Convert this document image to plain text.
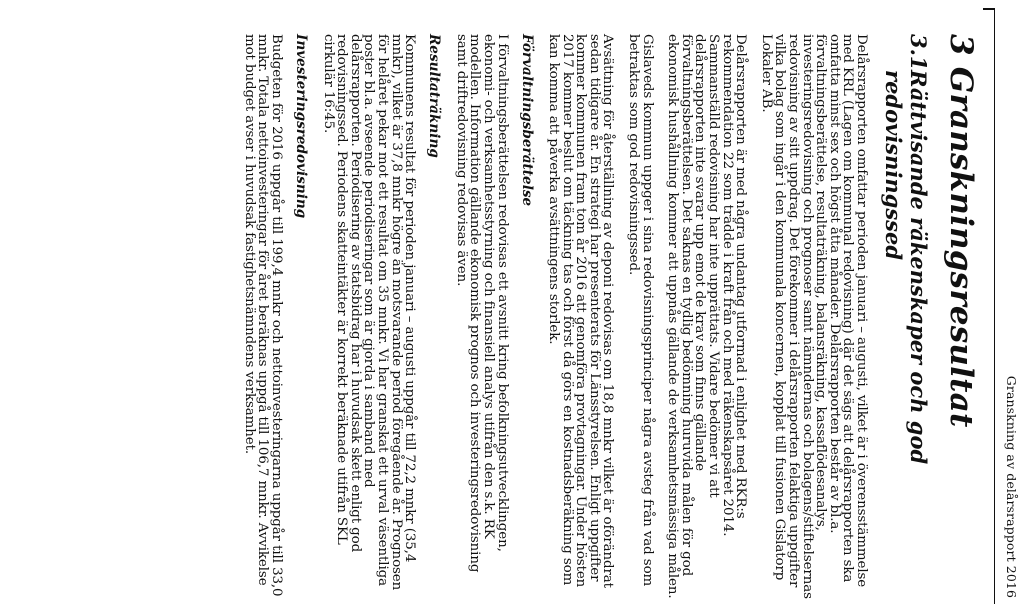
Granskning av delårsrapport 2016
3 Granskningsresultat
3.1
Rättvisande räkenskaper och god
redovisningssed

Delårsrapporten omfattar perioden januari – augusti, vilket är i överensstämmelse med KRL (Lagen om kommunal redovisning) där det sägs att delårsrapporten ska omfatta minst sex och högst åtta månader. Delårsrapporten består av bl.a. förvaltningsberättelse, resultaträkning, balansräkning, kassaflödesanalys, investeringsredovisning och prognoser samt nämndernas och bolagens/stiftelsernas redovisning av sitt uppdrag. Det förekommer i delårsrapporten felaktiga uppgifter vilka bolag som ingår i den kommunala koncernen, kopplat till fusionen Gislatorp Lokaler AB.

Delårsrapporten är med några undantag utformad i enlighet med RKR:s rekommendation 22 som trädde i kraft från och med räkenskapsåret 2014. Sammanställd redovisning har inte upprättats. Vidare bedömer vi att delårsrapporten inte svarar upp emot de krav som finns gällande förvaltningsberättelsen. Det saknas en tydlig bedömning huruvida målen för god ekonomisk hushållning kommer att uppnås gällande de verksamhetsmässiga målen.

Gislaveds kommun uppger i sina redovisningsprinciper några avsteg från vad som betraktas som god redovisningssed.

Avsättning för återställning av deponi redovisas om 18,8 mnkr vilket är oförändrat sedan tidigare år. En strategi har presenterats för Länsstyrelsen. Enligt uppgifter kommer kommunen fram tom år 2016 att genomföra provtagningar. Under hösten 2017 kommer beslut om täckning tas och först då görs en kostnadsberäkning som kan komma att påverka avsättningens storlek.

Förvaltningsberättelse

I förvaltningsberättelsen redovisas ett avsnitt kring befolkningsutvecklingen, ekonomi- och verksamhetsstyrning och finansiell analys utifrån den s.k. RK modellen. Information gällande ekonomisk prognos och investeringsredovisning samt driftredovisning redovisas även.

Resultaträkning

Kommunens resultat för perioden januari – augusti uppgår till 72,2 mnkr (35,4 mnkr), vilket är 37,8 mnkr högre än motsvarande period föregående år. Prognosen för helåret pekar mot ett resultat om 35 mnkr. Vi har granskat ett urval väsentliga poster bl.a. avseende periodiseringar som är gjorda i samband med delårsrapporten. Periodisering av statsbidrag har i huvudsak skett enligt god redovisningssed. Periodens skatteintäkter är korrekt beräknade utifrån SKL cirkulär 16:45.

Investeringsredovisning

Budgeten för 2016 uppgår till 199,4 mnkr och nettoinvesteringarna uppgår till 33,0 mnkr. Totala nettoinvesteringar för året beräknas uppgå till 106,7 mnkr. Avvikelse mot budget avser i huvudsak fastighetsnämndens verksamhet.
